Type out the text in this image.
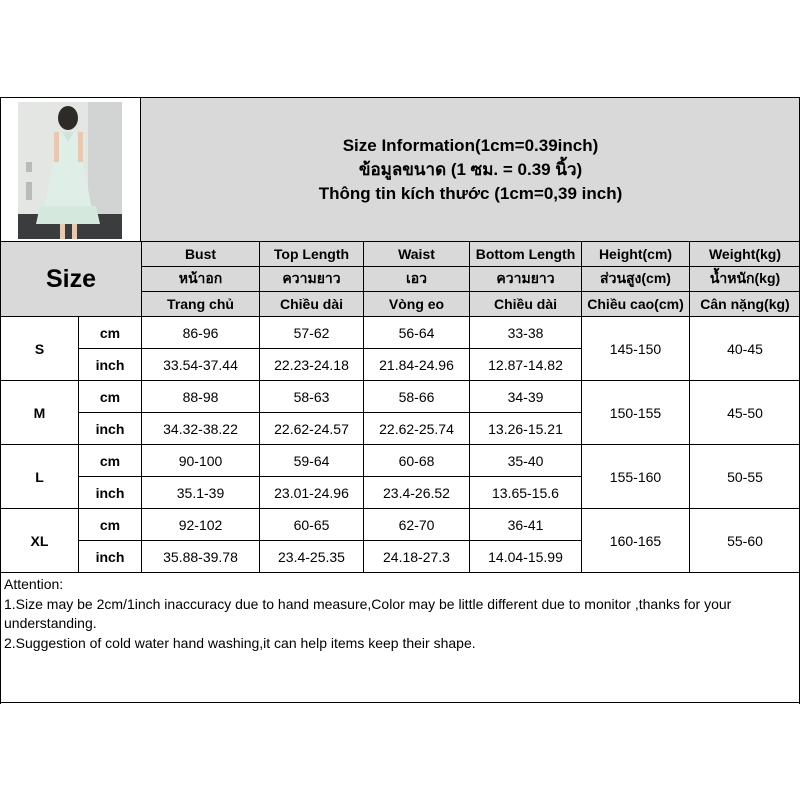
Size Information(1cm=0.39inch)
ข้อมูลขนาด (1 ซม. = 0.39 นิ้ว)
Thông tin kích thước (1cm=0,39 inch)
Size		Bust	Top Length	Waist	Bottom Length	Height(cm)	Weight(kg)
		หน้าอก	ความยาว	เอว	ความยาว	ส่วนสูง(cm)	น้ำหนัก(kg)
		Trang chủ	Chiều dài	Vòng eo	Chiều dài	Chiều cao(cm)	Cân nặng(kg)
S	cm	86-96	57-62	56-64	33-38	145-150	40-45
	inch	33.54-37.44	22.23-24.18	21.84-24.96	12.87-14.82		
M	cm	88-98	58-63	58-66	34-39	150-155	45-50
	inch	34.32-38.22	22.62-24.57	22.62-25.74	13.26-15.21		
L	cm	90-100	59-64	60-68	35-40	155-160	50-55
	inch	35.1-39	23.01-24.96	23.4-26.52	13.65-15.6		
XL	cm	92-102	60-65	62-70	36-41	160-165	55-60
	inch	35.88-39.78	23.4-25.35	24.18-27.3	14.04-15.99		
Attention:
1.Size may be 2cm/1inch inaccuracy due to hand measure,Color may be little different due to monitor ,thanks for your understanding.
2.Suggestion of cold water hand washing,it can help items keep their shape.
